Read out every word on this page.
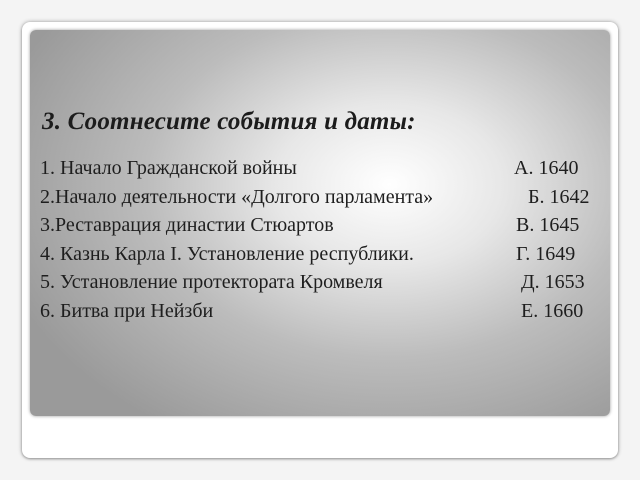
3. Соотнесите события и даты:
1. Начало Гражданской войны	А. 1640
2.Начало деятельности «Долгого парламента»	Б. 1642
3.Реставрация династии Стюартов	В. 1645
4. Казнь Карла I. Установление республики.	Г. 1649
5. Установление протектората Кромвеля	Д. 1653
6. Битва при Нейзби	Е. 1660
